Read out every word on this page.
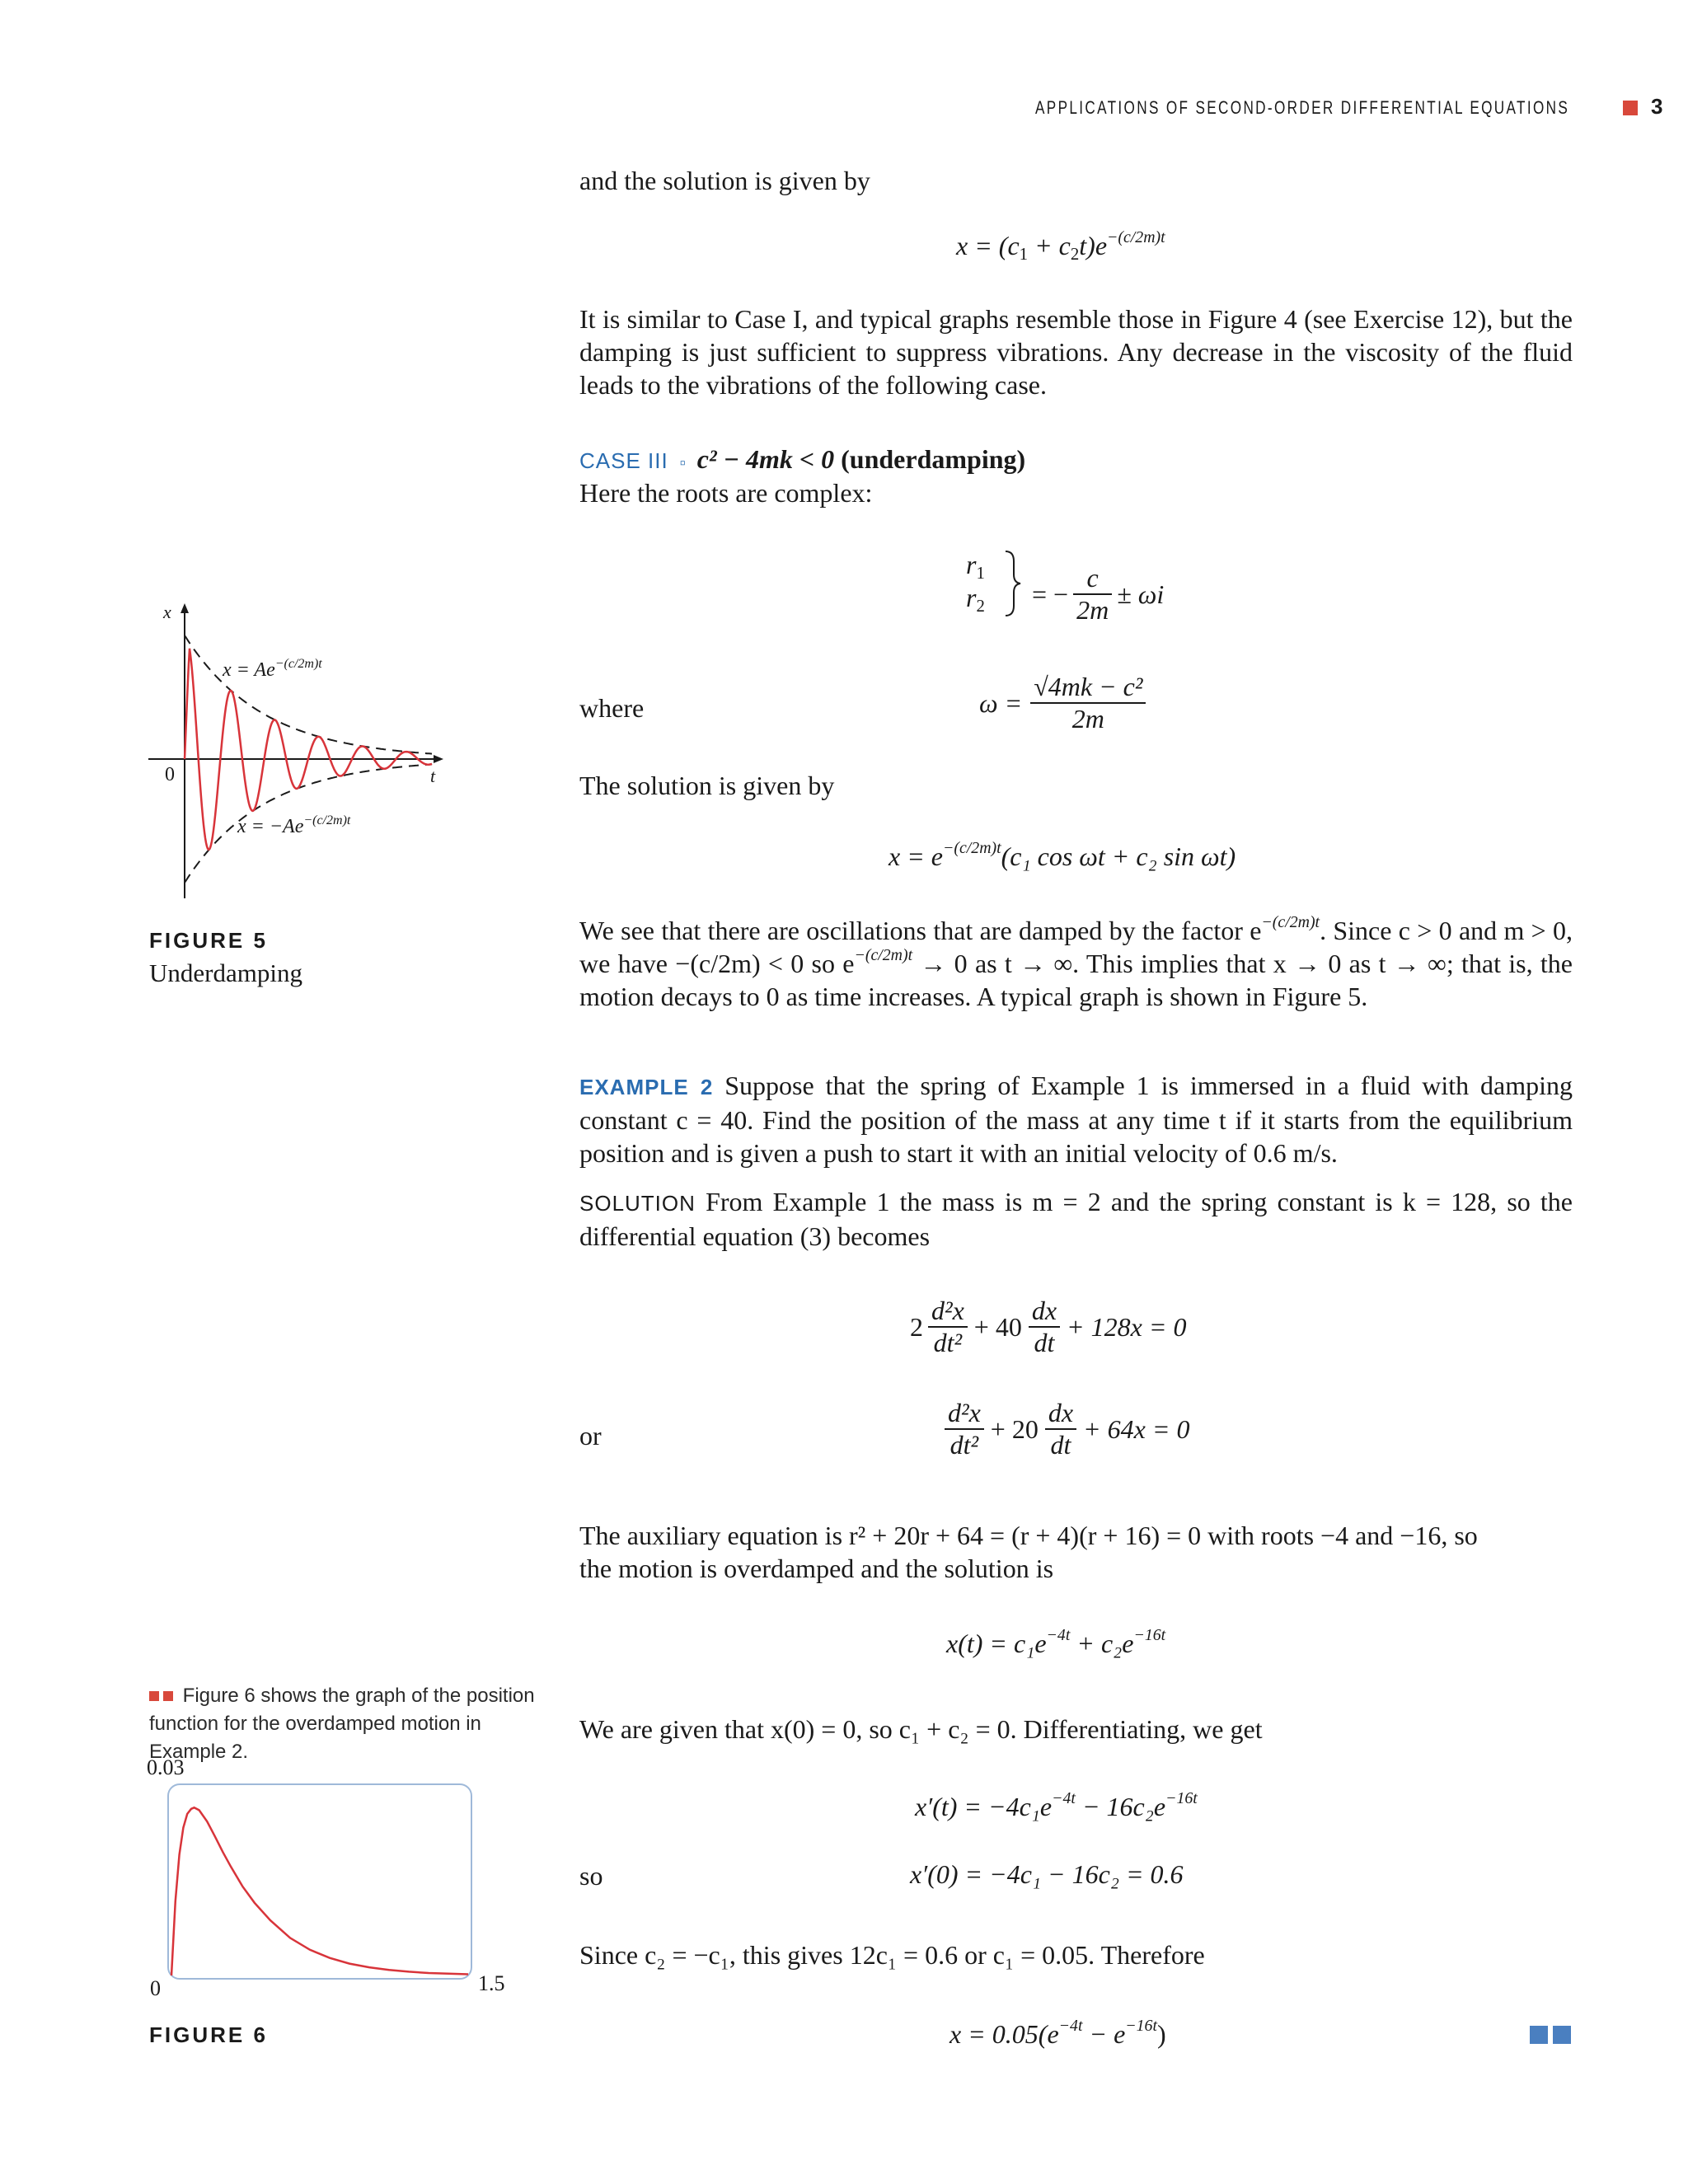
APPLICATIONS OF SECOND-ORDER DIFFERENTIAL EQUATIONS	3
and the solution is given by
$x = (c_1 + c_2t)e^{-(c/2m)t}$
It is similar to Case I, and typical graphs resemble those in Figure 4 (see Exercise 12), but the damping is just sufficient to suppress vibrations. Any decrease in the viscosity of the fluid leads to the vibrations of the following case.
CASE III ▫ c² − 4mk < 0 (underdamping)
Here the roots are complex:
$r_1$
$r_2$ = − $\frac{c}{2m} \pm \omega i$
where	$\omega = \frac{\text{√4mk − c²}}{2m}$
The solution is given by
$x = e^{-(c/2m)t}(c_1$ cos ωt + c₂ sin ωt)
We see that there are oscillations that are damped by the factor $e^{-(c/2m)t}$. Since c > 0 and m > 0, we have −(c/2m) < 0 so $e^{-(c/2m)t} \to 0$ as t → ∞. This implies that x → 0 as t → ∞; that is, the motion decays to 0 as time increases. A typical graph is shown in Figure 5.
EXAMPLE 2 Suppose that the spring of Example 1 is immersed in a fluid with damping constant c = 40. Find the position of the mass at any time t if it starts from the equilibrium position and is given a push to start it with an initial velocity of 0.6 m/s.
SOLUTION From Example 1 the mass is m = 2 and the spring constant is k = 128, so the differential equation (3) becomes
$2 \frac{\text{d²x}}{\text{dt²}} + 40 \frac{dx}{dt} + 128x = 0$
or	$\frac{\text{d²x}}{\text{dt²}} + 20 \frac{dx}{dt} + 64x = 0$
The auxiliary equation is r² + 20r + 64 = (r + 4)(r + 16) = 0 with roots −4 and −16, so the motion is overdamped and the solution is
$x(t) = c_1e^{-4t} + c_2e^{-16t}$
We are given that x(0) = 0, so c₁ + c₂ = 0. Differentiating, we get
$x'(t) = -4c_1e^{-4t} - 16c_2e^{-16t}$
so	x′(0) = −4c₁ − 16c₂ = 0.6
Since c₂ = −c₁, this gives 12c₁ = 0.6 or c₁ = 0.05. Therefore
$x = 0.05(e^{-4t} - e^{-16t})$
x
t
0
$x = Ae^{-(c/2m)t}$
$x = -Ae^{-(c/2m)t}$
FIGURE 5
Underdamping
Figure 6 shows the graph of the position function for the overdamped motion in Example 2.
0.03
0	1.5
FIGURE 6
